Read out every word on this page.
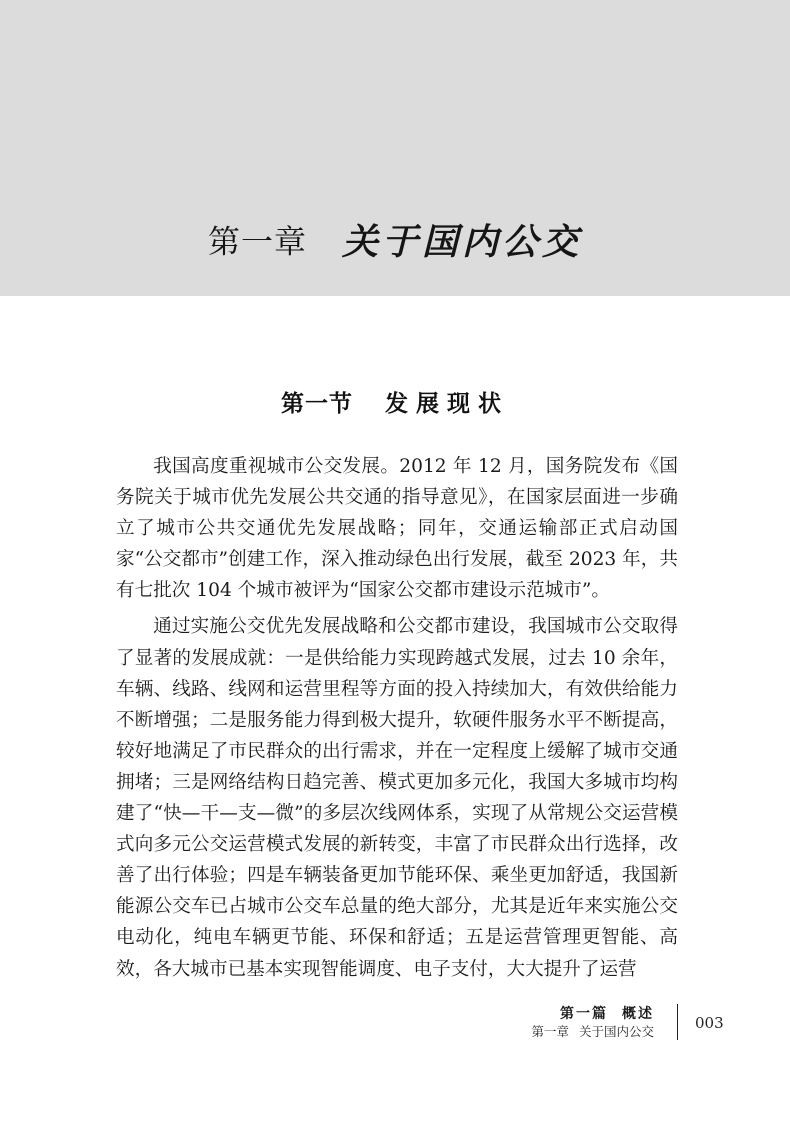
第一章 关于国内公交
第一节 发展现状

我国高度重视城市公交发展。2012 年 12 月，国务院发布《国务院关于城市优先发展公共交通的指导意见》，在国家层面进一步确立了城市公共交通优先发展战略；同年，交通运输部正式启动国家“公交都市”创建工作，深入推动绿色出行发展，截至 2023 年，共有七批次 104 个城市被评为“国家公交都市建设示范城市”。

通过实施公交优先发展战略和公交都市建设，我国城市公交取得了显著的发展成就：一是供给能力实现跨越式发展，过去 10 余年，车辆、线路、线网和运营里程等方面的投入持续加大，有效供给能力不断增强；二是服务能力得到极大提升，软硬件服务水平不断提高，较好地满足了市民群众的出行需求，并在一定程度上缓解了城市交通拥堵；三是网络结构日趋完善、模式更加多元化，我国大多城市均构建了“快—干—支—微”的多层次线网体系，实现了从常规公交运营模式向多元公交运营模式发展的新转变，丰富了市民群众出行选择，改善了出行体验；四是车辆装备更加节能环保、乘坐更加舒适，我国新能源公交车已占城市公交车总量的绝大部分，尤其是近年来实施公交电动化，纯电车辆更节能、环保和舒适；五是运营管理更智能、高效，各大城市已基本实现智能调度、电子支付，大大提升了运营

第一篇 概述
第一章 关于国内公交	003
